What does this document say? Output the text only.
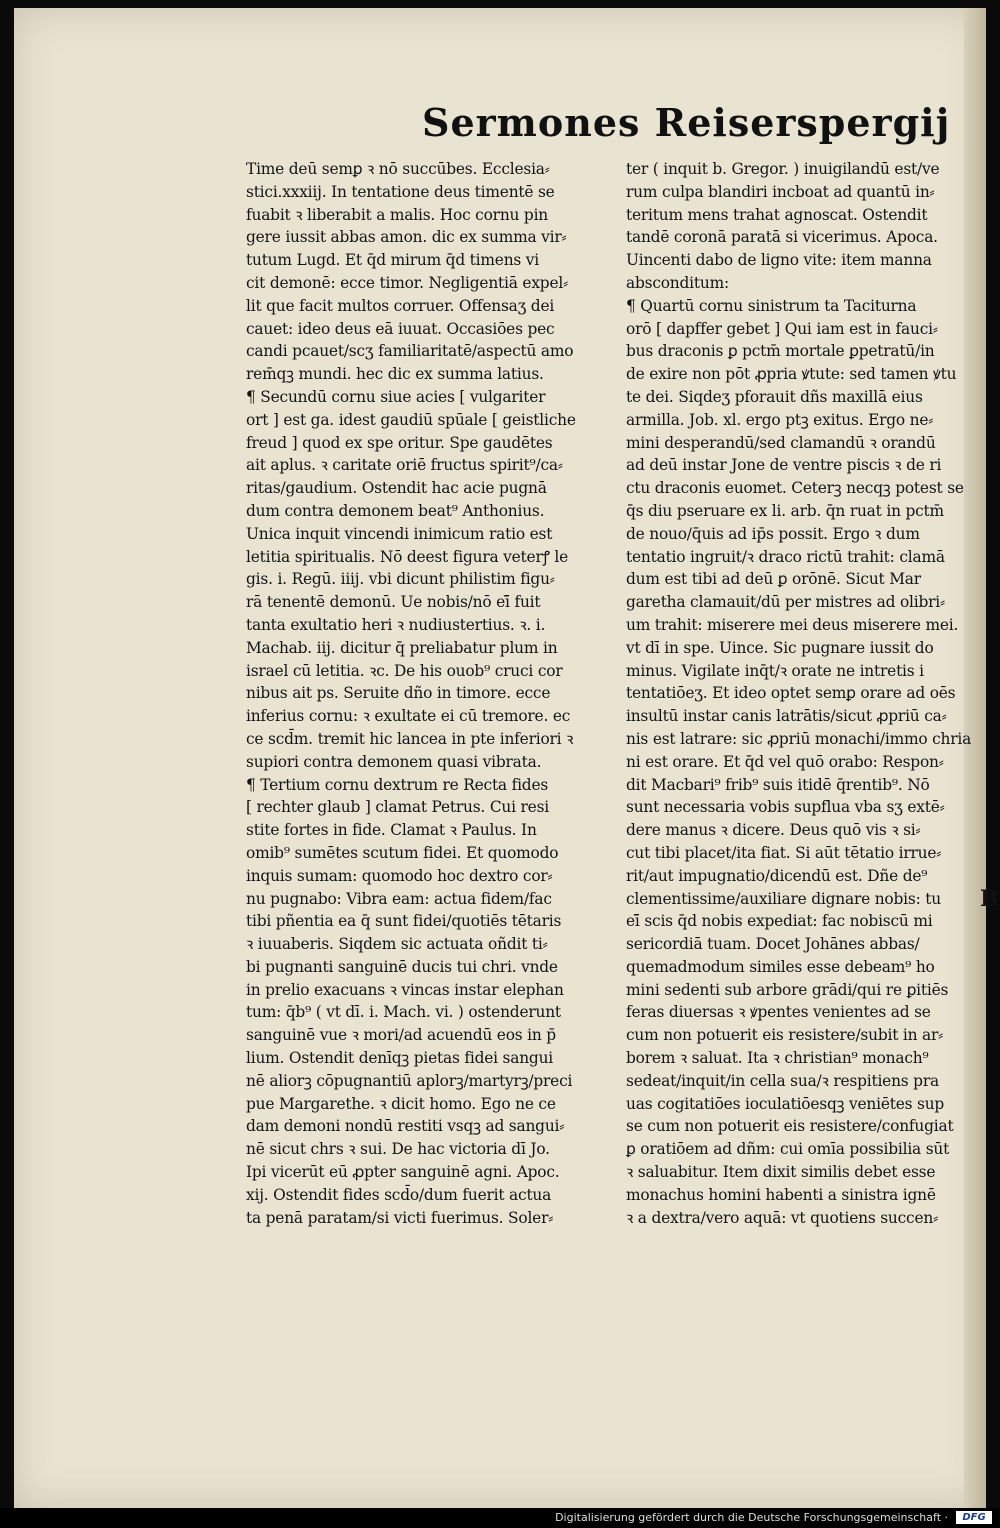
Sermones Reiserspergij
Time deū semꝑ ꝛ nō succūbes. Ecclesia⸗
stici.xxxiij. In tentatione deus timentē se
fuabit ꝛ liberabit a malis. Hoc cornu pin
gere iussit abbas amon. dic ex summa vir⸗
tutum Lugd. Et q̄d mirum q̄d timens vi
cit demonē: ecce timor. Negligentiā expel⸗
lit que facit multos corruer. Offensaʒ dei
cauet: ideo deus eā iuuat. Occasiōes pec
candi pcauet/scʒ familiaritatē/aspectū amo
rem̄qꝫ mundi. hec dic ex summa latius.
¶ Secundū cornu siue acies [ vulgariter
ort ] est ga. idest gaudiū spūale [ geistliche
freud ] quod ex spe oritur. Spe gaudētes
ait aplus. ꝛ caritate oriē fructus spirit⁹/ca⸗
ritas/gaudium. Ostendit hac acie pugnā
dum contra demonem beat⁹ Anthonius.
Unica inquit vincendi inimicum ratio est
letitia spiritualis. Nō deest figura veterꝭ le
gis. i. Regū. iiij. vbi dicunt philistim figu⸗
rā tenentē demonū. Ue nobis/nō eī̄ fuit
tanta exultatio heri ꝛ nudiustertius. ꝛ. i.
Machab. iij. dicitur q̄ preliabatur plum in
israel cū letitia. ꝛc. De his ouob⁹ cruci cor
nibus ait ps. Seruite dño in timore. ecce
inferius cornu: ꝛ exultate ei cū tremore. ec
ce scd̄m. tremit hic lancea in pte inferiori ꝛ
supiori contra demonem quasi vibrata.
¶ Tertium cornu dextrum re Recta fides
[ rechter glaub ] clamat Petrus. Cui resi
stite fortes in fide. Clamat ꝛ Paulus. In
omib⁹ sumētes scutum fidei. Et quomodo
inquis sumam: quomodo hoc dextro cor⸗
nu pugnabo: Vibra eam: actua fidem/fac
tibi pñentia ea q̄ sunt fidei/quotiēs tētaris
ꝛ iuuaberis. Siqdem sic actuata oñdit ti⸗
bi pugnanti sanguinē ducis tui chri. vnde
in prelio exacuans ꝛ vincas instar elephan
tum: q̄b⁹ ( vt dī. i. Mach. vi. ) ostenderunt
sanguinē vue ꝛ mori/ad acuendū eos in p̄
lium. Ostendit denīqꝫ pietas fidei sangui
nē aliorꝫ cōpugnantiū aplorꝫ/martyrꝫ/preci
pue Margarethe. ꝛ dicit homo. Ego ne ce
dam demoni nondū restiti vsqꝫ ad sangui⸗
nē sicut chrs ꝛ sui. De hac victoria dī Jo.
Ipi vicerūt eū ꝓpter sanguinē agni. Apoc.
xij. Ostendit fides scd̄o/dum fuerit actua
ta penā paratam/si victi fuerimus. Soler⸗
ter ( inquit b. Gregor. ) inuigilandū est/ve
rum culpa blandiri incboat ad quantū in⸗
teritum mens trahat agnoscat. Ostendit
tandē coronā paratā si vicerimus. Apoca.
Uincenti dabo de ligno vite: item manna
absconditum:
¶ Quartū cornu sinistrum ta Taciturna
orō [ dapffer gebet ] Qui iam est in fauci⸗
bus draconis ꝑ pctm̄ mortale ꝑpetratū/in
de exire non pōt ꝓpria ꝟtute: sed tamen ꝟtu
te dei. Siqdeʒ pforauit dñs maxillā eius
armilla. Job. xl. ergo ptꝫ exitus. Ergo ne⸗
mini desperandū/sed clamandū ꝛ orandū
ad deū instar Jone de ventre piscis ꝛ de ri
ctu draconis euomet. Ceterꝫ necqꝫ potest se
q̄s diu pseruare ex li. arb. q̄n ruat in pctm̄
de nouo/q̄uis ad ip̄s possit. Ergo ꝛ dum
tentatio ingruit/ꝛ draco rictū trahit: clamā
dum est tibi ad deū ꝑ orōnē. Sicut Mar
garetha clamauit/dū per mistres ad olibri⸗
um trahit: miserere mei deus miserere mei.
vt dī in spe. Uince. Sic pugnare iussit do
minus. Vigilate inq̄t/ꝛ orate ne intretis i
tentatiōeʒ. Et ideo optet semꝑ orare ad oēs
insultū instar canis latrātis/sicut ꝓpriū ca⸗
nis est latrare: sic ꝓpriū monachi/immo chria
ni est orare. Et q̄d vel quō orabo: Respon⸗
dit Macbari⁹ frib⁹ suis itidē q̄rentib⁹. Nō
sunt necessaria vobis supflua vba sʒ extē⸗
dere manus ꝛ dicere. Deus quō vis ꝛ si⸗
cut tibi placet/ita fiat. Si aūt tētatio irrue⸗
rit/aut impugnatio/dicendū est. Dñe de⁹
clementissime/auxiliare dignare nobis: tu
eī̄ scis q̄d nobis expediat: fac nobiscū mi
sericordiā tuam. Docet Johānes abbas/
quemadmodum similes esse debeam⁹ ho
mini sedenti sub arbore grādi/qui re ꝑitiēs
feras diuersas ꝛ ꝟpentes venientes ad se
cum non potuerit eis resistere/subit in ar⸗
borem ꝛ saluat. Ita ꝛ christian⁹ monach⁹
sedeat/inquit/in cella sua/ꝛ respitiens pra
uas cogitatiōes ioculatiōesqꝫ veniētes sup
se cum non potuerit eis resistere/confugiat
ꝑ oratiōem ad dñm: cui omīa possibilia sūt
ꝛ saluabitur. Item dixit similis debet esse
monachus homini habenti a sinistra ignē
ꝛ a dextra/vero aquā: vt quotiens succen⸗
B
Digitalisierung gefördert durch die Deutsche Forschungsgemeinschaft ·	DFG
